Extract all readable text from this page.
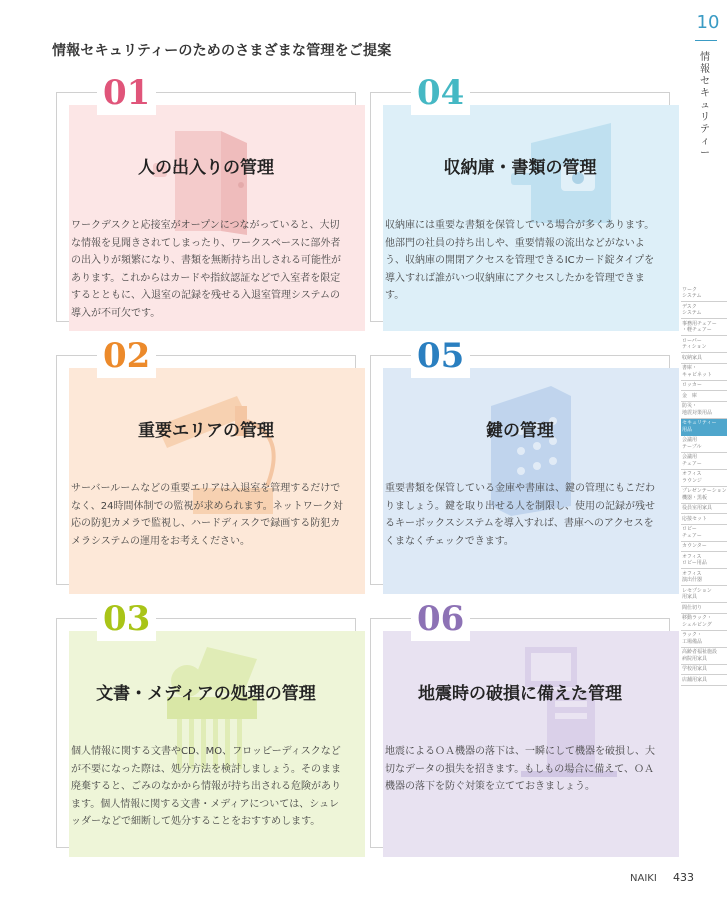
情報セキュリティーのためのさまざまな管理をご提案
01
人の出入りの管理
ワークデスクと応接室がオープンにつながっていると、大切な情報を見聞きされてしまったり、ワークスペースに部外者の出入りが頻繁になり、書類を無断持ち出しされる可能性があります。これからはカードや指紋認証などで入室者を限定するとともに、入退室の記録を残せる入退室管理システムの導入が不可欠です。
04
収納庫・書類の管理
収納庫には重要な書類を保管している場合が多くあります。他部門の社員の持ち出しや、重要情報の流出などがないよう、収納庫の開閉アクセスを管理できるICカード錠タイプを導入すれば誰がいつ収納庫にアクセスしたかを管理できます。
02
重要エリアの管理
サーバールームなどの重要エリアは入退室を管理するだけでなく、24時間体制での監視が求められます。ネットワーク対応の防犯カメラで監視し、ハードディスクで録画する防犯カメラシステムの運用をお考えください。
05
鍵の管理
重要書類を保管している金庫や書庫は、鍵の管理にもこだわりましょう。鍵を取り出せる人を制限し、使用の記録が残せるキーボックスシステムを導入すれば、書庫へのアクセスをくまなくチェックできます。
03
文書・メディアの処理の管理
個人情報に関する文書やCD、MO、フロッピーディスクなどが不要になった際は、処分方法を検討しましょう。そのまま廃棄すると、ごみのなかから情報が持ち出される危険があります。個人情報に関する文書・メディアについては、シュレッダーなどで細断して処分することをおすすめします。
06
地震時の破損に備えた管理
地震によるＯＡ機器の落下は、一瞬にして機器を破損し、大切なデータの損失を招きます。もしもの場合に備えて、ＯＡ機器の落下を防ぐ対策を立てておきましょう。
10
情報セキュリティー
ワーク
システム
デスク
システム
事務用チェアー
・軽チェアー
ローパー
ティション
収納家具
書庫・
キャビネット
ロッカー
金　庫
防災・
地震対策用品
セキュリティー
用品
会議用
テーブル
会議用
チェアー
オフィス
ラウンジ
プレゼンテーション
機器・黒板
役員室用家具
応接セット
ロビー
チェアー
カウンター
オフィス
ロビー用品
オフィス
演出什器
レセプション
用家具
間仕切り
移動ラック・
シェルビング
ラック・
工場備品
高齢者福祉施設
病院用家具
学校用家具
店舗用家具
NAIKI 433
